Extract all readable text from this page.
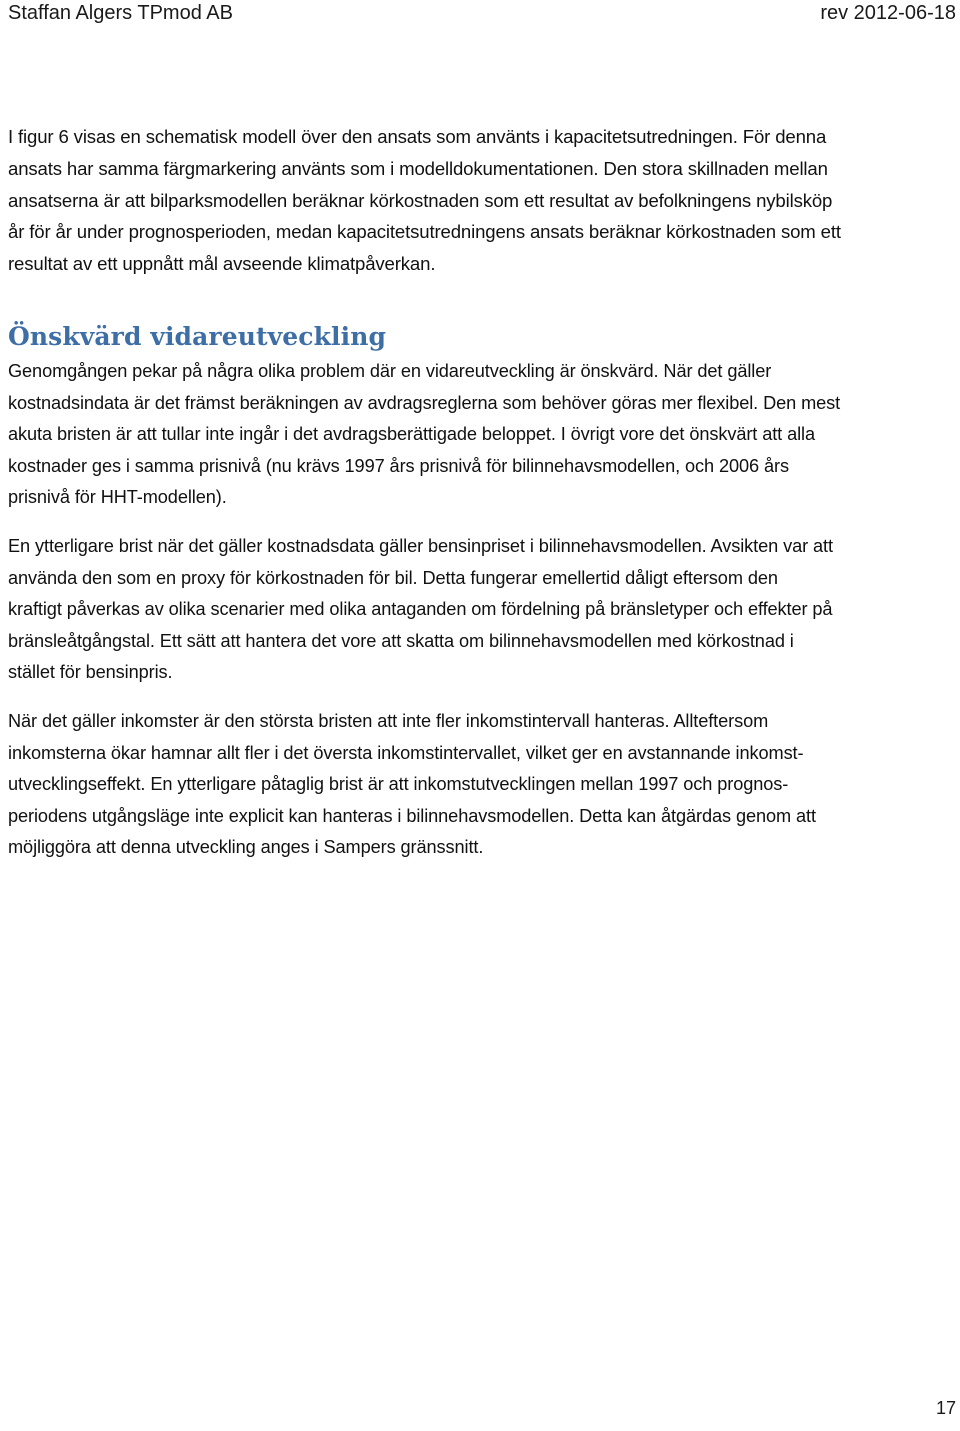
Staffan Algers TPmod AB	rev 2012-06-18

I figur 6 visas en schematisk modell över den ansats som använts i kapacitetsutredningen. För denna
ansats har samma färgmarkering använts som i modelldokumentationen. Den stora skillnaden mellan
ansatserna är att bilparksmodellen beräknar körkostnaden som ett resultat av befolkningens nybilsköp
år för år under prognosperioden, medan kapacitetsutredningens ansats beräknar körkostnaden som ett
resultat av ett uppnått mål avseende klimatpåverkan.

Önskvärd vidareutveckling

Genomgången pekar på några olika problem där en vidareutveckling är önskvärd. När det gäller
kostnadsindata är det främst beräkningen av avdragsreglerna som behöver göras mer flexibel. Den mest
akuta bristen är att tullar inte ingår i det avdragsberättigade beloppet. I övrigt vore det önskvärt att alla
kostnader ges i samma prisnivå (nu krävs 1997 års prisnivå för bilinnehavsmodellen, och 2006 års
prisnivå för HHT-modellen).

En ytterligare brist när det gäller kostnadsdata gäller bensinpriset i bilinnehavsmodellen. Avsikten var att
använda den som en proxy för körkostnaden för bil. Detta fungerar emellertid dåligt eftersom den
kraftigt påverkas av olika scenarier med olika antaganden om fördelning på bränsletyper och effekter på
bränsleåtgångstal. Ett sätt att hantera det vore att skatta om bilinnehavsmodellen med körkostnad i
stället för bensinpris.

När det gäller inkomster är den största bristen att inte fler inkomstintervall hanteras. Allteftersom
inkomsterna ökar hamnar allt fler i det översta inkomstintervallet, vilket ger en avstannande inkomst-
utvecklingseffekt. En ytterligare påtaglig brist är att inkomstutvecklingen mellan 1997 och prognos-
periodens utgångsläge inte explicit kan hanteras i bilinnehavsmodellen. Detta kan åtgärdas genom att
möjliggöra att denna utveckling anges i Sampers gränssnitt.

17
